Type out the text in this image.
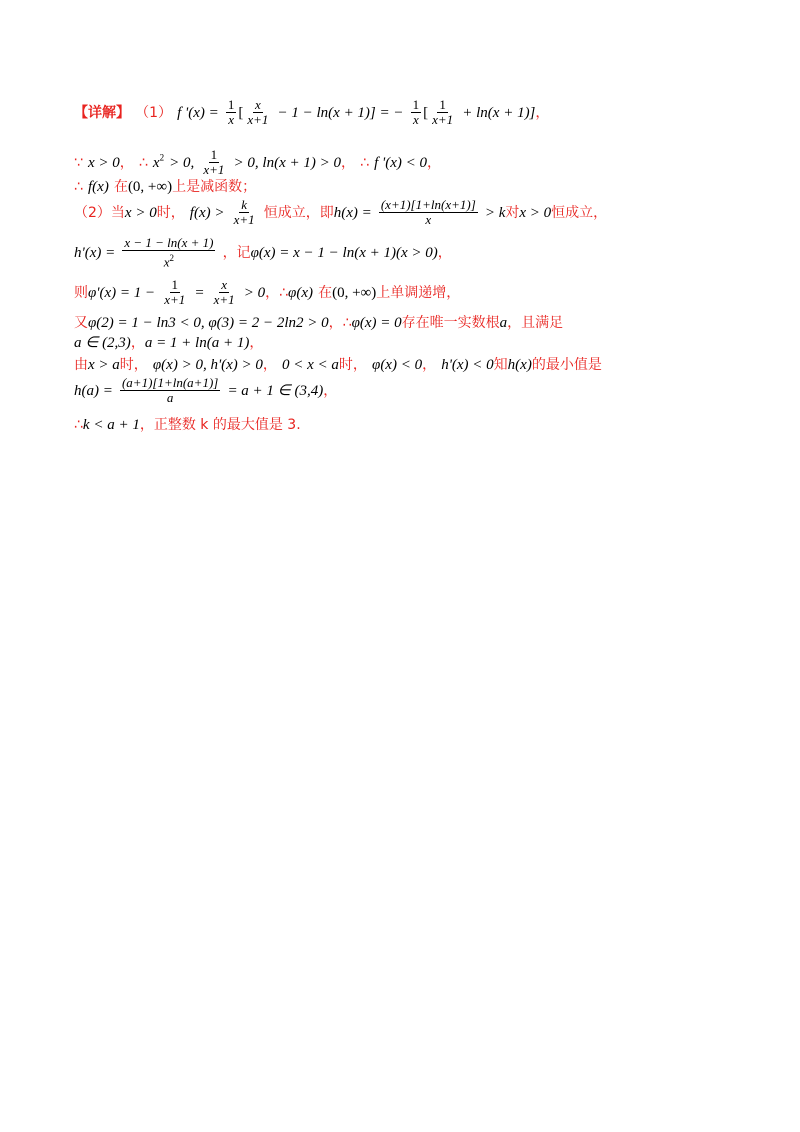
【详解】 （1） f '$(x) = \frac{1}{x}$ [ $\frac{x}{x+1} - 1 - \ln(x + 1)$] = − $\frac{1}{x}$ [ $\frac{1}{x+1} + \ln(x + 1)$]，
∵ x > 0， ∴ $x^2 > 0$, $\frac{1}{x+1} > 0$, ln(x + 1) > 0， ∴ f '(x) < 0，
∴ f(x) 在(0, +∞)上是减函数；
（2）当x > 0时， $f(x) > \frac{k}{x+1}$ 恒成立，即$h(x) = \frac{(x+1)[1+\ln(x+1)]}{x} > k$对x > 0恒成立，
$h'(x) = \frac{x - 1 - \ln(x + 1)}{x^2}$ ，记φ(x) = x − 1 − ln(x + 1)(x > 0)，
则$\varphi'(x) = 1 - \frac{1}{x+1} = \frac{x}{x+1} > 0$，∴φ(x) 在(0, +∞)上单调递增，
又φ(2) = 1 − ln3 < 0, φ(3) = 2 − 2ln2 > 0，∴φ(x) = 0存在唯一实数根a，且满足
a ∈ (2,3)，a = 1 + ln(a + 1)，
由x > a时， φ(x) > 0, h'(x) > 0， 0 < x < a时， φ(x) < 0， h'(x) < 0知h(x)的最小值是
$h(a) = \frac{(a+1)[1+\ln(a+1)]}{a} = a + 1$ ∈ (3,4)，
∴k < a + 1，正整数 k 的最大值是 3.
